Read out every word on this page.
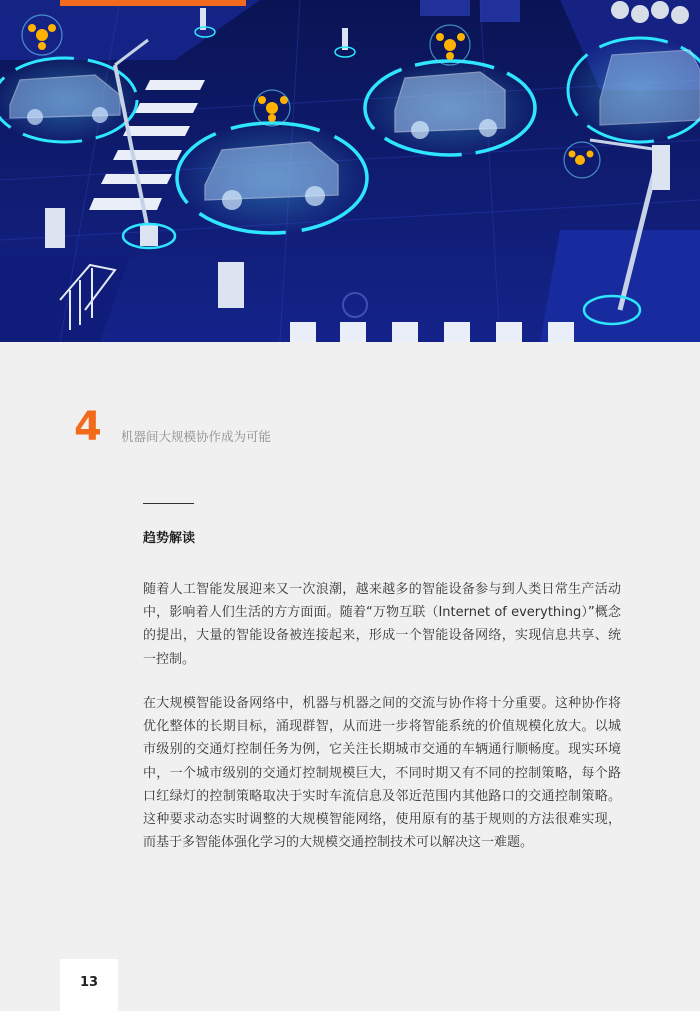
4 机器间大规模协作成为可能
趋势解读

随着人工智能发展迎来又一次浪潮，越来越多的智能设备参与到人类日常生产活动中，影响着人们生活的方方面面。随着“万物互联（Internet of everything）”概念的提出，大量的智能设备被连接起来，形成一个智能设备网络，实现信息共享、统一控制。

在大规模智能设备网络中，机器与机器之间的交流与协作将十分重要。这种协作将优化整体的长期目标，涌现群智，从而进一步将智能系统的价值规模化放大。以城市级别的交通灯控制任务为例，它关注长期城市交通的车辆通行顺畅度。现实环境中，一个城市级别的交通灯控制规模巨大，不同时期又有不同的控制策略，每个路口红绿灯的控制策略取决于实时车流信息及邻近范围内其他路口的交通控制策略。这种要求动态实时调整的大规模智能网络，使用原有的基于规则的方法很难实现，而基于多智能体强化学习的大规模交通控制技术可以解决这一难题。

13
